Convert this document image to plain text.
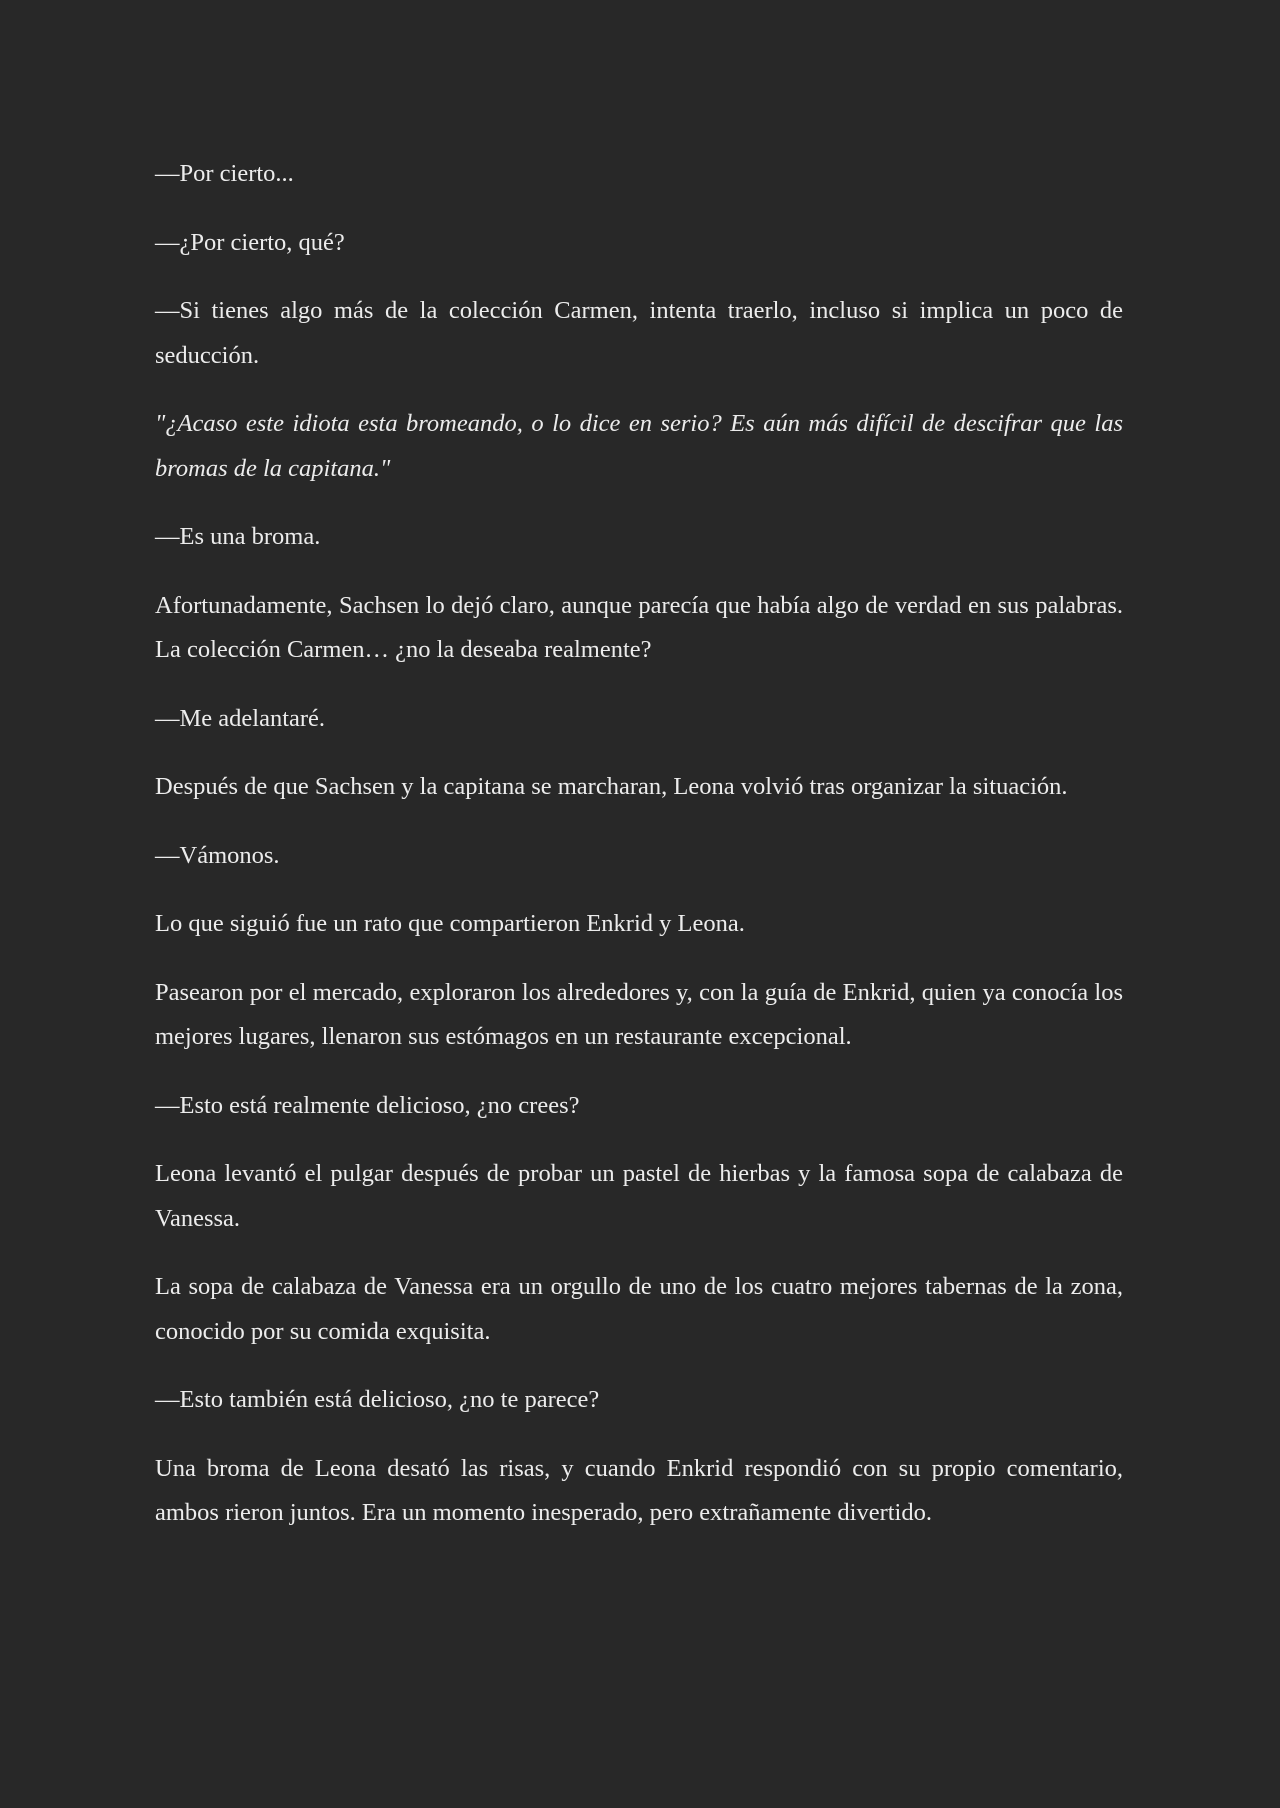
—Por cierto...

—¿Por cierto, qué?

—Si tienes algo más de la colección Carmen, intenta traerlo, incluso si implica un poco de seducción.

"¿Acaso este idiota esta bromeando, o lo dice en serio? Es aún más difícil de descifrar que las bromas de la capitana."

—Es una broma.

Afortunadamente, Sachsen lo dejó claro, aunque parecía que había algo de verdad en sus palabras. La colección Carmen… ¿no la deseaba realmente?

—Me adelantaré.

Después de que Sachsen y la capitana se marcharan, Leona volvió tras organizar la situación.

—Vámonos.

Lo que siguió fue un rato que compartieron Enkrid y Leona.

Pasearon por el mercado, exploraron los alrededores y, con la guía de Enkrid, quien ya conocía los mejores lugares, llenaron sus estómagos en un restaurante excepcional.

—Esto está realmente delicioso, ¿no crees?

Leona levantó el pulgar después de probar un pastel de hierbas y la famosa sopa de calabaza de Vanessa.

La sopa de calabaza de Vanessa era un orgullo de uno de los cuatro mejores tabernas de la zona, conocido por su comida exquisita.

—Esto también está delicioso, ¿no te parece?

Una broma de Leona desató las risas, y cuando Enkrid respondió con su propio comentario, ambos rieron juntos. Era un momento inesperado, pero extrañamente divertido.
